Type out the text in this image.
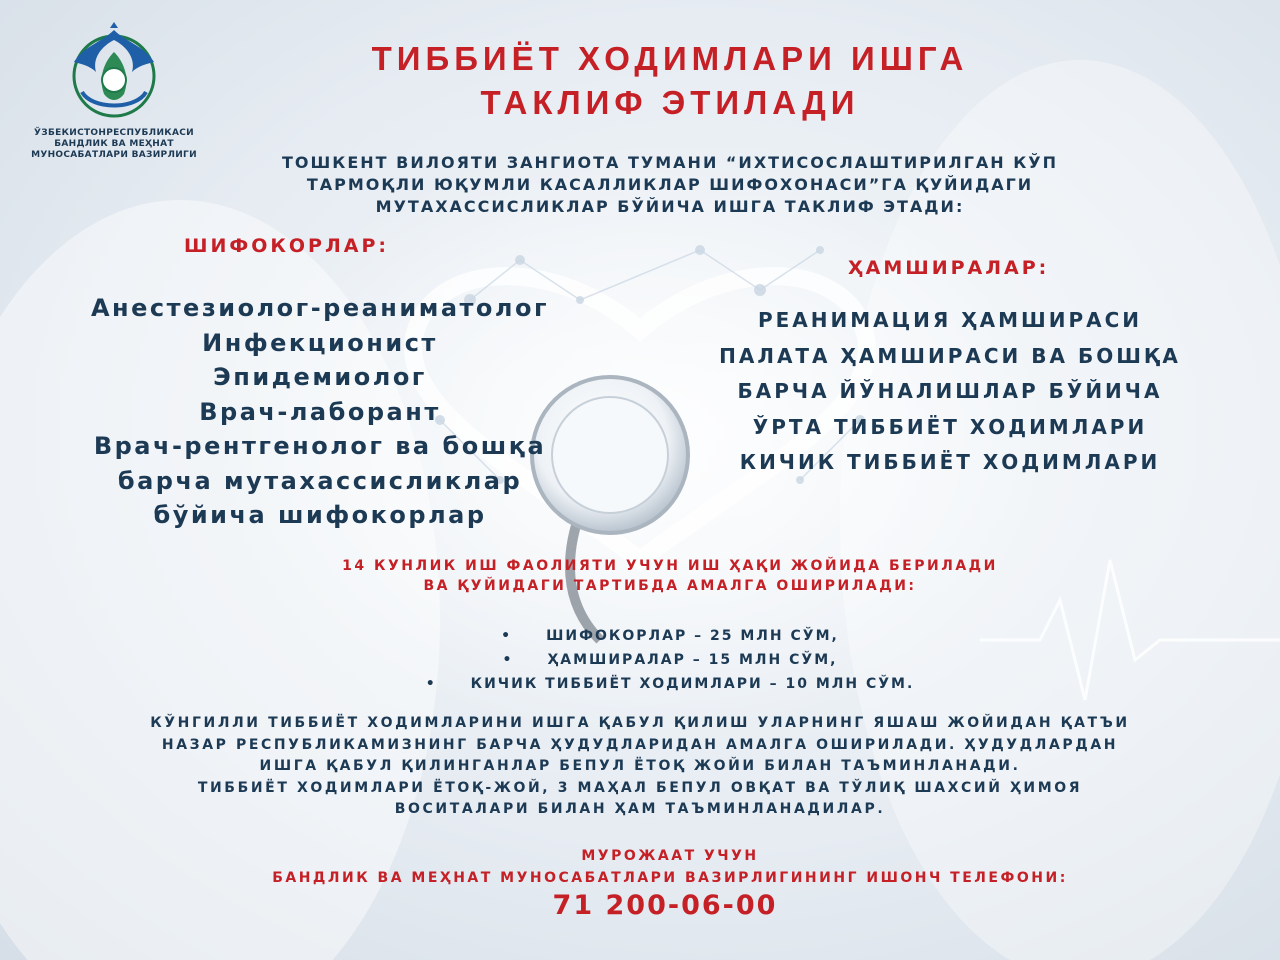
ЎЗБЕКИСТОНРЕСПУБЛИКАСИ
БАНДЛИК ВА МЕҲНАТ
МУНОСАБАТЛАРИ ВАЗИРЛИГИ
ТИББИЁТ ХОДИМЛАРИ ИШГА
ТАКЛИФ ЭТИЛАДИ
ТОШКЕНТ ВИЛОЯТИ ЗАНГИОТА ТУМАНИ “ИХТИСОСЛАШТИРИЛГАН КЎП
ТАРМОҚЛИ ЮҚУМЛИ КАСАЛЛИКЛАР ШИФОХОНАСИ”ГА ҚУЙИДАГИ
МУТАХАССИСЛИКЛАР БЎЙИЧА ИШГА ТАКЛИФ ЭТАДИ:
ШИФОКОРЛАР:
Анестезиолог-реаниматолог
Инфекционист
Эпидемиолог
Врач-лаборант
Врач-рентгенолог ва бошқа
барча мутахассисликлар
бўйича шифокорлар
ҲАМШИРАЛАР:
РЕАНИМАЦИЯ ҲАМШИРАСИ
ПАЛАТА ҲАМШИРАСИ ВА БОШҚА
БАРЧА ЙЎНАЛИШЛАР БЎЙИЧА
ЎРТА ТИББИЁТ ХОДИМЛАРИ
КИЧИК ТИББИЁТ ХОДИМЛАРИ
14 КУНЛИК ИШ ФАОЛИЯТИ УЧУН ИШ ҲАҚИ ЖОЙИДА БЕРИЛАДИ
ВА ҚУЙИДАГИ ТАРТИБДА АМАЛГА ОШИРИЛАДИ:
• ШИФОКОРЛАР – 25 МЛН СЎМ,
• ҲАМШИРАЛАР – 15 МЛН СЎМ,
• КИЧИК ТИББИЁТ ХОДИМЛАРИ – 10 МЛН СЎМ.
КЎНГИЛЛИ ТИББИЁТ ХОДИМЛАРИНИ ИШГА ҚАБУЛ ҚИЛИШ УЛАРНИНГ ЯШАШ ЖОЙИДАН ҚАТЪИ
НАЗАР РЕСПУБЛИКАМИЗНИНГ БАРЧА ҲУДУДЛАРИДАН АМАЛГА ОШИРИЛАДИ. ҲУДУДЛАРДАН
ИШГА ҚАБУЛ ҚИЛИНГАНЛАР БЕПУЛ ЁТОҚ ЖОЙИ БИЛАН ТАЪМИНЛАНАДИ.
ТИББИЁТ ХОДИМЛАРИ ЁТОҚ-ЖОЙ, 3 МАҲАЛ БЕПУЛ ОВҚАТ ВА ТЎЛИҚ ШАХСИЙ ҲИМОЯ
ВОСИТАЛАРИ БИЛАН ҲАМ ТАЪМИНЛАНАДИЛАР.
МУРОЖААТ УЧУН
БАНДЛИК ВА МЕҲНАТ МУНОСАБАТЛАРИ ВАЗИРЛИГИНИНГ ИШОНЧ ТЕЛЕФОНИ:
71 200-06-00
